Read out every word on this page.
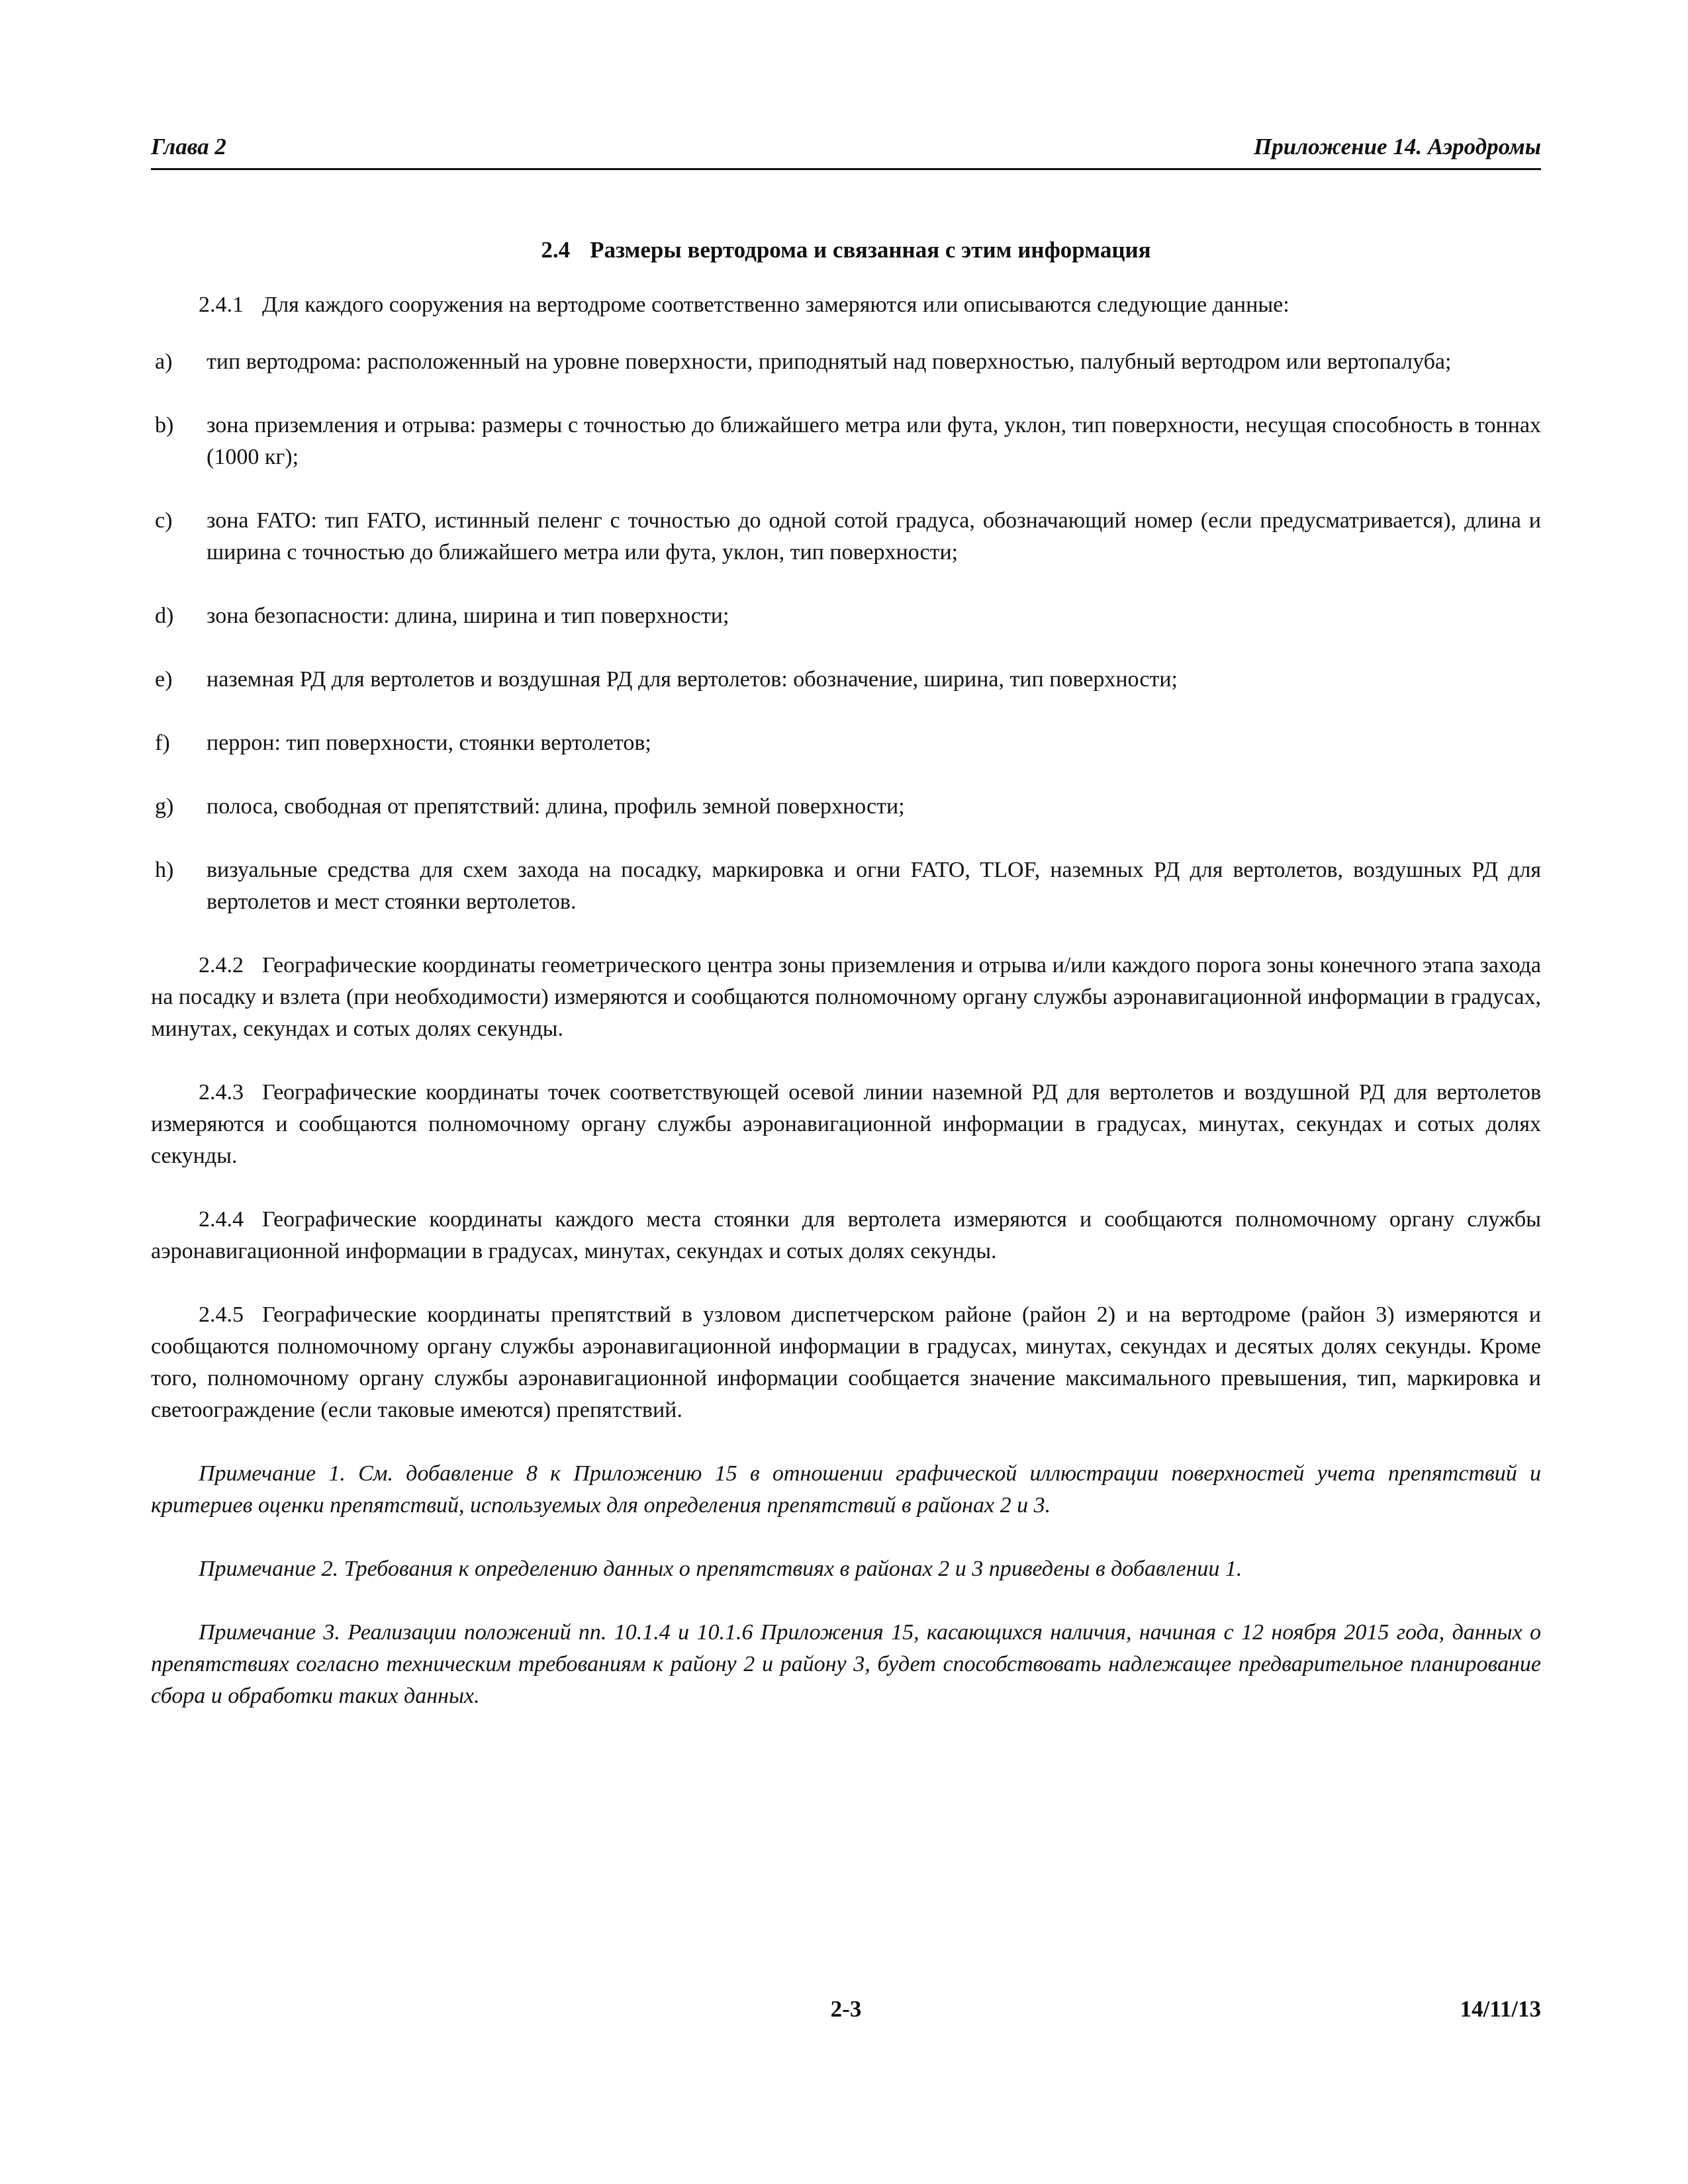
Глава 2	Приложение 14. Аэродромы
2.4 Размеры вертодрома и связанная с этим информация

2.4.1 Для каждого сооружения на вертодроме соответственно замеряются или описываются следующие данные:

a)	тип вертодрома: расположенный на уровне поверхности, приподнятый над поверхностью, палубный вертодром или вертопалуба;
b)	зона приземления и отрыва: размеры с точностью до ближайшего метра или фута, уклон, тип поверхности, несущая способность в тоннах (1000 кг);
c)	зона FATO: тип FATO, истинный пеленг с точностью до одной сотой градуса, обозначающий номер (если предусматривается), длина и ширина с точностью до ближайшего метра или фута, уклон, тип поверхности;
d)	зона безопасности: длина, ширина и тип поверхности;
e)	наземная РД для вертолетов и воздушная РД для вертолетов: обозначение, ширина, тип поверхности;
f)	перрон: тип поверхности, стоянки вертолетов;
g)	полоса, свободная от препятствий: длина, профиль земной поверхности;
h)	визуальные средства для схем захода на посадку, маркировка и огни FATO, TLOF, наземных РД для вертолетов, воздушных РД для вертолетов и мест стоянки вертолетов.

2.4.2 Географические координаты геометрического центра зоны приземления и отрыва и/или каждого порога зоны конечного этапа захода на посадку и взлета (при необходимости) измеряются и сообщаются полномочному органу службы аэронавигационной информации в градусах, минутах, секундах и сотых долях секунды.

2.4.3 Географические координаты точек соответствующей осевой линии наземной РД для вертолетов и воздушной РД для вертолетов измеряются и сообщаются полномочному органу службы аэронавигационной информации в градусах, минутах, секундах и сотых долях секунды.

2.4.4 Географические координаты каждого места стоянки для вертолета измеряются и сообщаются полномочному органу службы аэронавигационной информации в градусах, минутах, секундах и сотых долях секунды.

2.4.5 Географические координаты препятствий в узловом диспетчерском районе (район 2) и на вертодроме (район 3) измеряются и сообщаются полномочному органу службы аэронавигационной информации в градусах, минутах, секундах и десятых долях секунды. Кроме того, полномочному органу службы аэронавигационной информации сообщается значение максимального превышения, тип, маркировка и светоограждение (если таковые имеются) препятствий.

Примечание 1. См. добавление 8 к Приложению 15 в отношении графической иллюстрации поверхностей учета препятствий и критериев оценки препятствий, используемых для определения препятствий в районах 2 и 3.

Примечание 2. Требования к определению данных о препятствиях в районах 2 и 3 приведены в добавлении 1.

Примечание 3. Реализации положений пп. 10.1.4 и 10.1.6 Приложения 15, касающихся наличия, начиная с 12 ноября 2015 года, данных о препятствиях согласно техническим требованиям к району 2 и району 3, будет способствовать надлежащее предварительное планирование сбора и обработки таких данных.

2-3	14/11/13
